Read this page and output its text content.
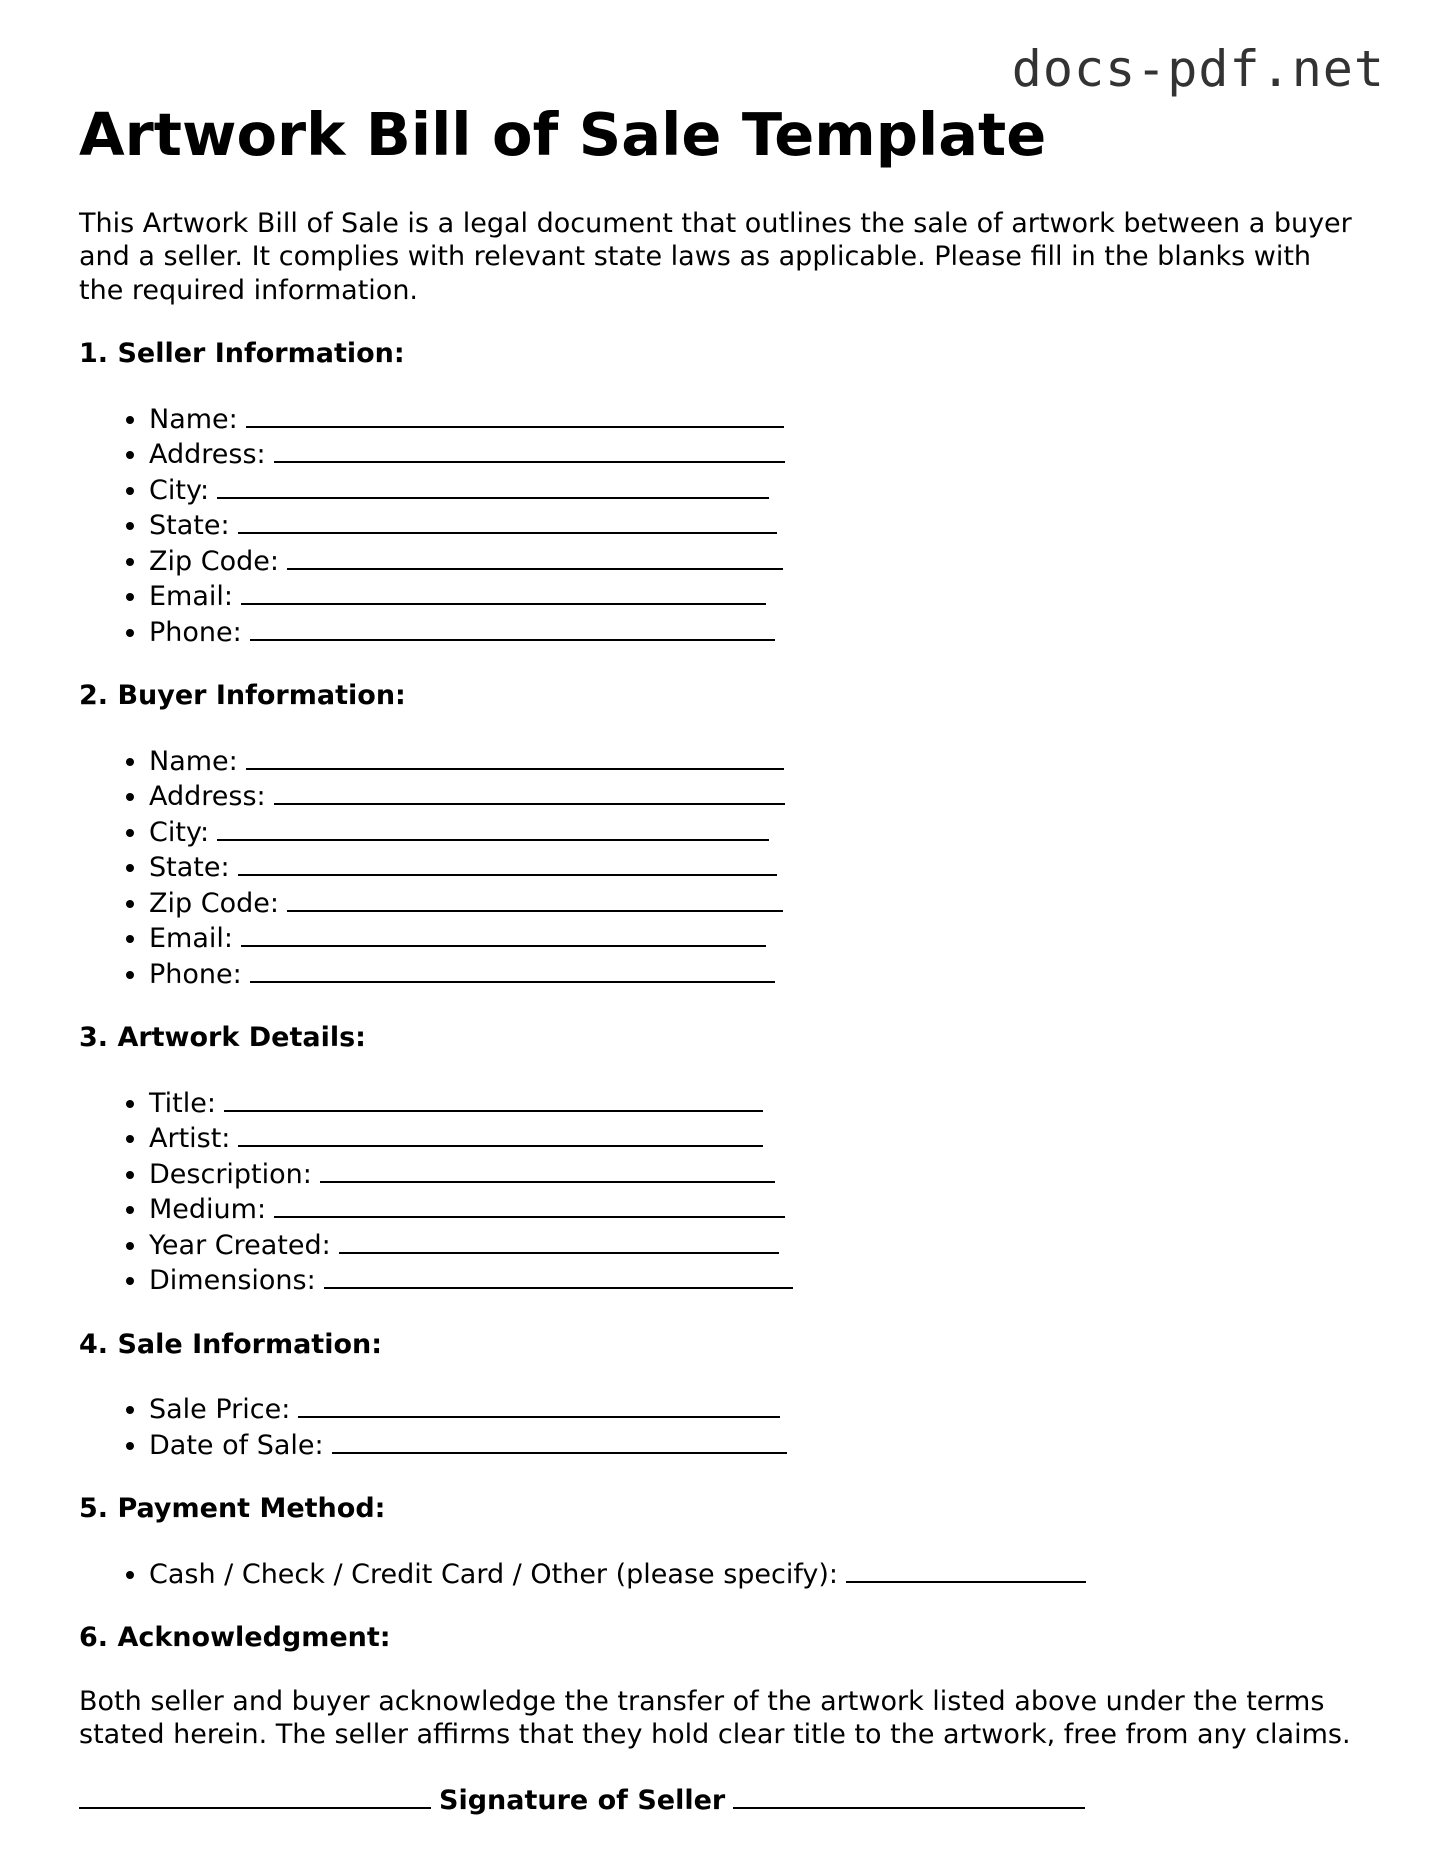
docs-pdf.net
Artwork Bill of Sale Template

This Artwork Bill of Sale is a legal document that outlines the sale of artwork between a buyer and a seller. It complies with relevant state laws as applicable. Please fill in the blanks with the required information.

1. Seller Information:
• Name:
• Address:
• City:
• State:
• Zip Code:
• Email:
• Phone:
2. Buyer Information:
• Name:
• Address:
• City:
• State:
• Zip Code:
• Email:
• Phone:
3. Artwork Details:
• Title:
• Artist:
• Description:
• Medium:
• Year Created:
• Dimensions:
4. Sale Information:
• Sale Price:
• Date of Sale:
5. Payment Method:
• Cash / Check / Credit Card / Other (please specify):
6. Acknowledgment:

Both seller and buyer acknowledge the transfer of the artwork listed above under the terms stated herein. The seller affirms that they hold clear title to the artwork, free from any claims.

Signature of Seller
